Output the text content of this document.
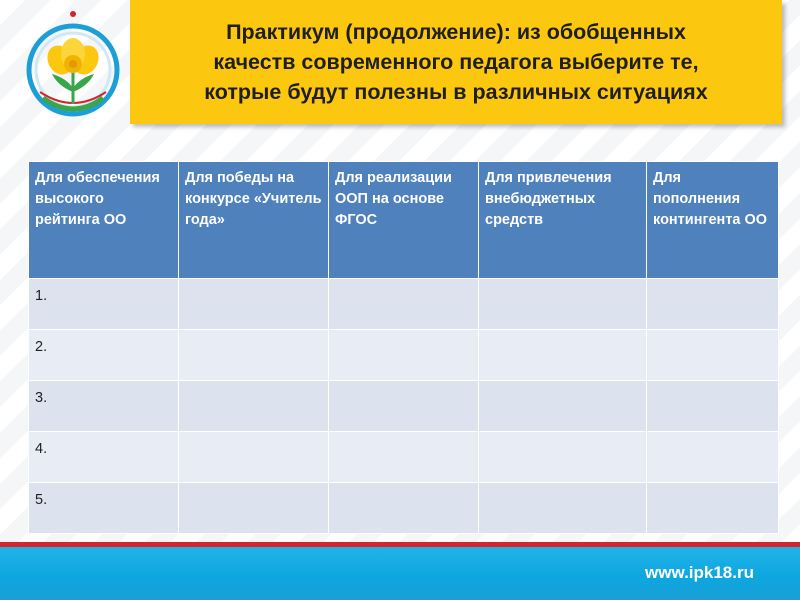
Практикум (продолжение): из обобщенных
качеств современного педагога выберите те,
котрые будут полезны в различных ситуациях
Для обеспечения высокого рейтинга ОО	Для победы на конкурсе «Учитель года»	Для реализации ООП на основе ФГОС	Для привлечения внебюджетных средств	Для пополнения контингента ОО
1.				
2.				
3.				
4.				
5.				
www.ipk18.ru
